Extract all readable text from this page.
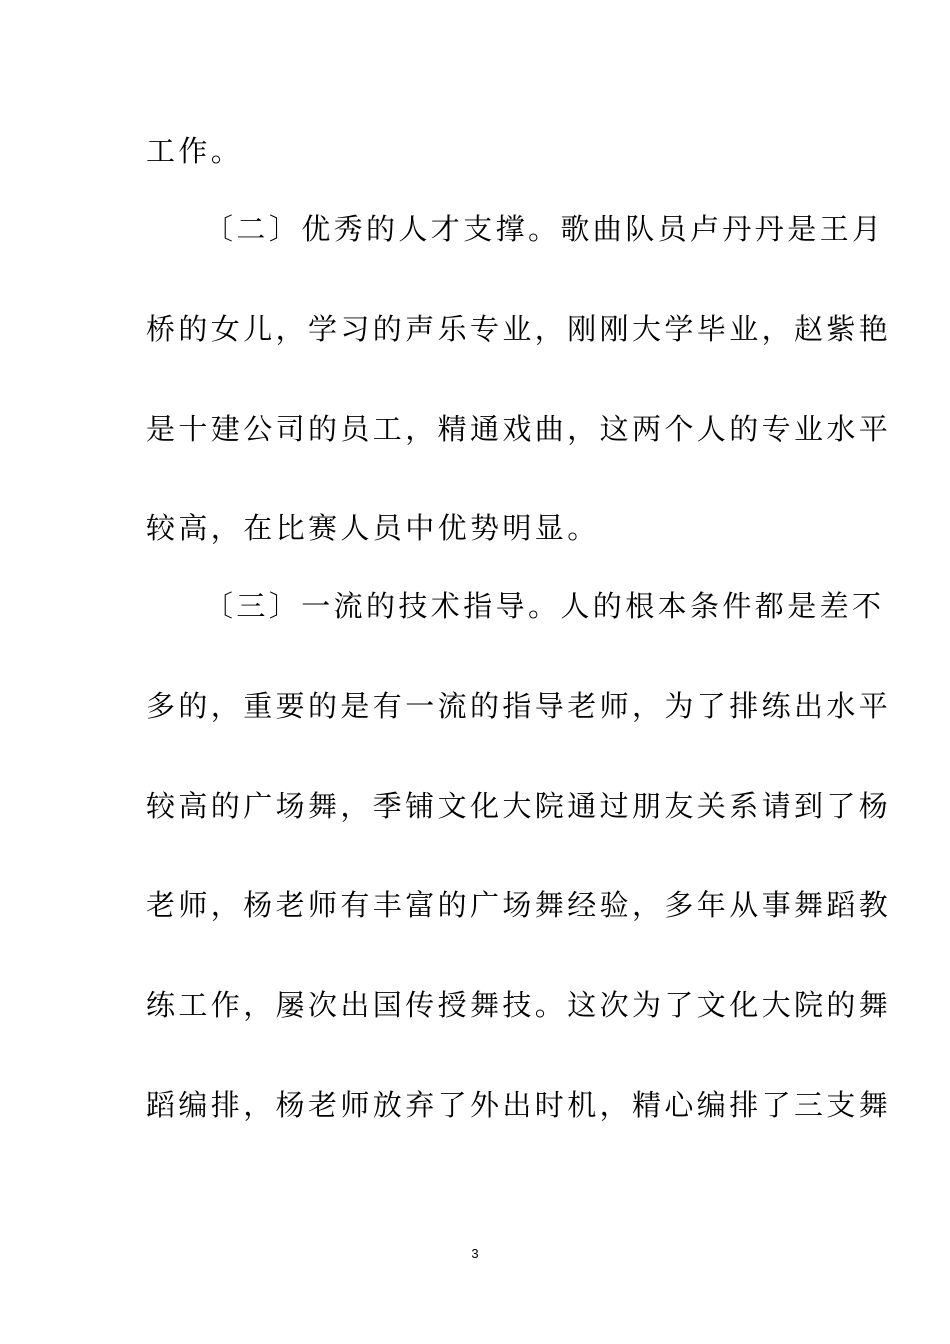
工作。
〔二〕优秀的人才支撑。歌曲队员卢丹丹是王月
桥的女儿，学习的声乐专业，刚刚大学毕业，赵紫艳
是十建公司的员工，精通戏曲，这两个人的专业水平
较高，在比赛人员中优势明显。
〔三〕一流的技术指导。人的根本条件都是差不
多的，重要的是有一流的指导老师，为了排练出水平
较高的广场舞，季铺文化大院通过朋友关系请到了杨
老师，杨老师有丰富的广场舞经验，多年从事舞蹈教
练工作，屡次出国传授舞技。这次为了文化大院的舞
蹈编排，杨老师放弃了外出时机，精心编排了三支舞
3
